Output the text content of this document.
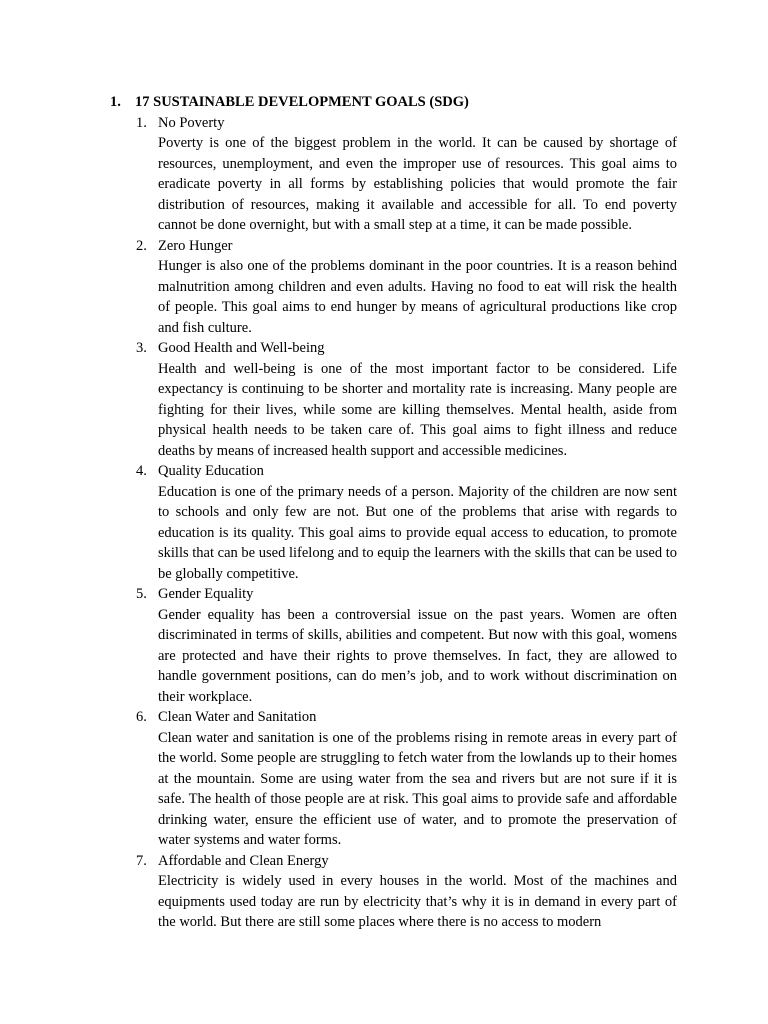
1. 17 SUSTAINABLE DEVELOPMENT GOALS (SDG)
1. No Poverty
Poverty is one of the biggest problem in the world. It can be caused by shortage of resources, unemployment, and even the improper use of resources. This goal aims to eradicate poverty in all forms by establishing policies that would promote the fair distribution of resources, making it available and accessible for all. To end poverty cannot be done overnight, but with a small step at a time, it can be made possible.
2. Zero Hunger
Hunger is also one of the problems dominant in the poor countries. It is a reason behind malnutrition among children and even adults. Having no food to eat will risk the health of people. This goal aims to end hunger by means of agricultural productions like crop and fish culture.
3. Good Health and Well-being
Health and well-being is one of the most important factor to be considered. Life expectancy is continuing to be shorter and mortality rate is increasing. Many people are fighting for their lives, while some are killing themselves. Mental health, aside from physical health needs to be taken care of. This goal aims to fight illness and reduce deaths by means of increased health support and accessible medicines.
4. Quality Education
Education is one of the primary needs of a person. Majority of the children are now sent to schools and only few are not. But one of the problems that arise with regards to education is its quality. This goal aims to provide equal access to education, to promote skills that can be used lifelong and to equip the learners with the skills that can be used to be globally competitive.
5. Gender Equality
Gender equality has been a controversial issue on the past years. Women are often discriminated in terms of skills, abilities and competent. But now with this goal, womens are protected and have their rights to prove themselves. In fact, they are allowed to handle government positions, can do men’s job, and to work without discrimination on their workplace.
6. Clean Water and Sanitation
Clean water and sanitation is one of the problems rising in remote areas in every part of the world. Some people are struggling to fetch water from the lowlands up to their homes at the mountain. Some are using water from the sea and rivers but are not sure if it is safe. The health of those people are at risk. This goal aims to provide safe and affordable drinking water, ensure the efficient use of water, and to promote the preservation of water systems and water forms.
7. Affordable and Clean Energy
Electricity is widely used in every houses in the world. Most of the machines and equipments used today are run by electricity that’s why it is in demand in every part of the world. But there are still some places where there is no access to modern
